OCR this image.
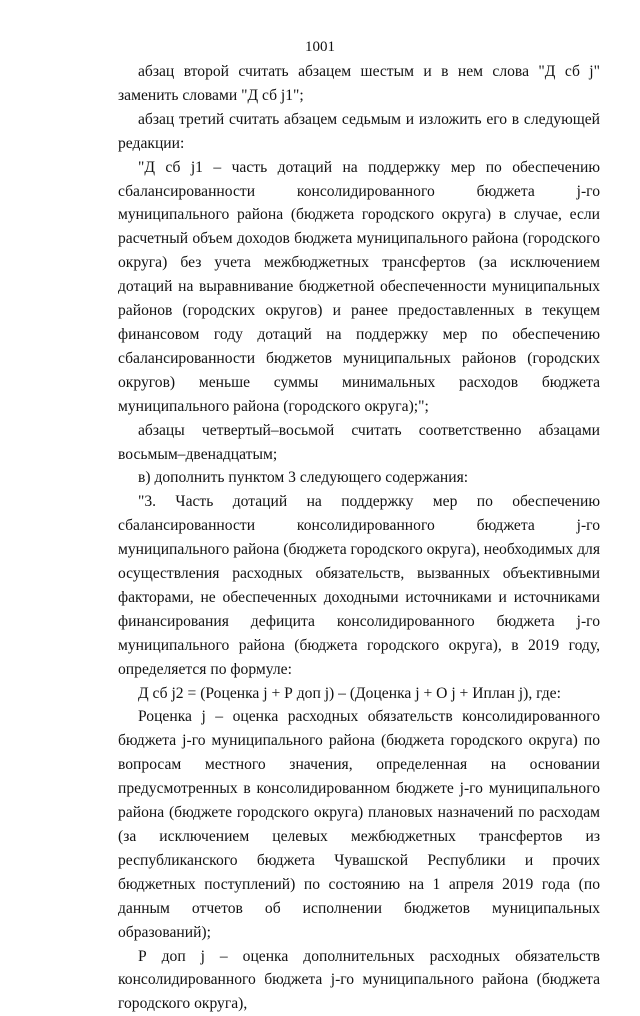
1001

абзац второй считать абзацем шестым и в нем слова "Д сб j" заменить словами "Д сб j1";

абзац третий считать абзацем седьмым и изложить его в следующей редакции:

"Д сб j1 – часть дотаций на поддержку мер по обеспечению сбалансированности консолидированного бюджета j-го муниципального района (бюджета городского округа) в случае, если расчетный объем доходов бюджета муниципального района (городского округа) без учета межбюджетных трансфертов (за исключением дотаций на выравнивание бюджетной обеспеченности муниципальных районов (городских округов) и ранее предоставленных в текущем финансовом году дотаций на поддержку мер по обеспечению сбалансированности бюджетов муниципальных районов (городских округов) меньше суммы минимальных расходов бюджета муниципального района (городского округа);";

абзацы четвертый–восьмой считать соответственно абзацами восьмым–двенадцатым;

в) дополнить пунктом 3 следующего содержания:

"3. Часть дотаций на поддержку мер по обеспечению сбалансированности консолидированного бюджета j-го муниципального района (бюджета городского округа), необходимых для осуществления расходных обязательств, вызванных объективными факторами, не обеспеченных доходными источниками и источниками финансирования дефицита консолидированного бюджета j-го муниципального района (бюджета городского округа), в 2019 году, определяется по формуле:

Д сб j2 = (Роценка j + Р доп j) – (Доценка j + О j + Иплан j), где:

Роценка j – оценка расходных обязательств консолидированного бюджета j-го муниципального района (бюджета городского округа) по вопросам местного значения, определенная на основании предусмотренных в консолидированном бюджете j-го муниципального района (бюджете городского округа) плановых назначений по расходам (за исключением целевых межбюджетных трансфертов из республиканского бюджета Чувашской Республики и прочих бюджетных поступлений) по состоянию на 1 апреля 2019 года (по данным отчетов об исполнении бюджетов муниципальных образований);

Р доп j – оценка дополнительных расходных обязательств консолидированного бюджета j-го муниципального района (бюджета городского округа),
